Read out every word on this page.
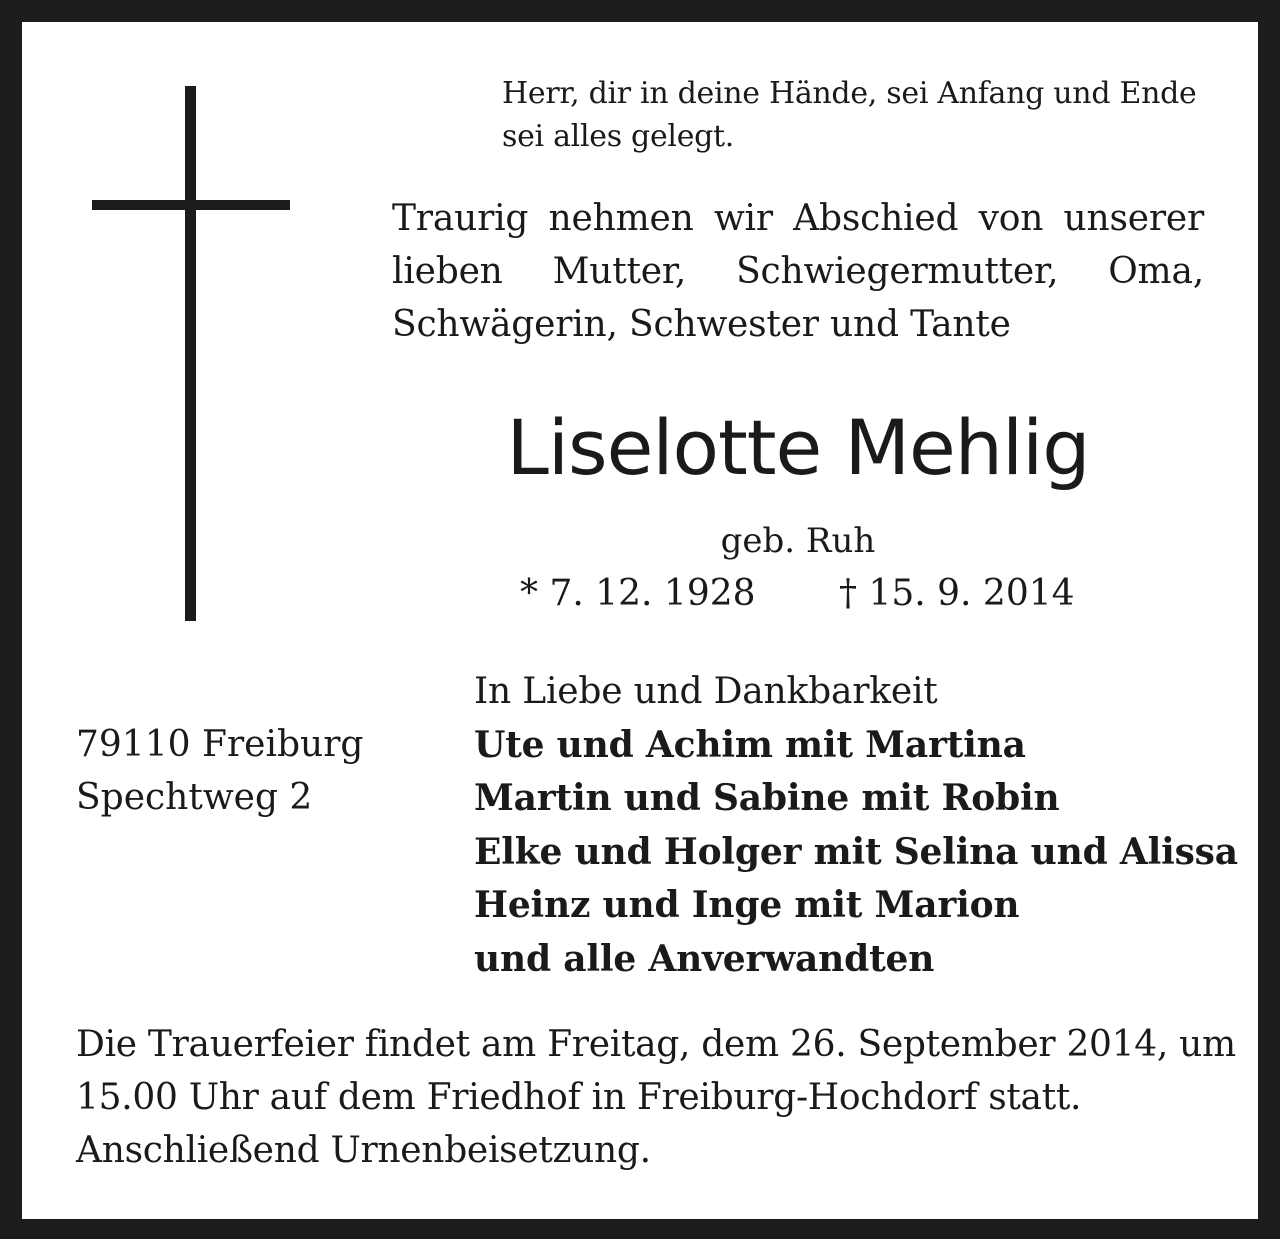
Herr, dir in deine Hände, sei Anfang und Ende
sei alles gelegt.
Traurig nehmen wir Abschied von unserer
lieben Mutter, Schwiegermutter, Oma,
Schwägerin, Schwester und Tante
Liselotte Mehlig
geb. Ruh
* 7. 12. 1928 † 15. 9. 2014
79110 Freiburg
Spechtweg 2
In Liebe und Dankbarkeit
Ute und Achim mit Martina
Martin und Sabine mit Robin
Elke und Holger mit Selina und Alissa
Heinz und Inge mit Marion
und alle Anverwandten
Die Trauerfeier findet am Freitag, dem 26. September 2014, um
15.00 Uhr auf dem Friedhof in Freiburg-Hochdorf statt.
Anschließend Urnenbeisetzung.
